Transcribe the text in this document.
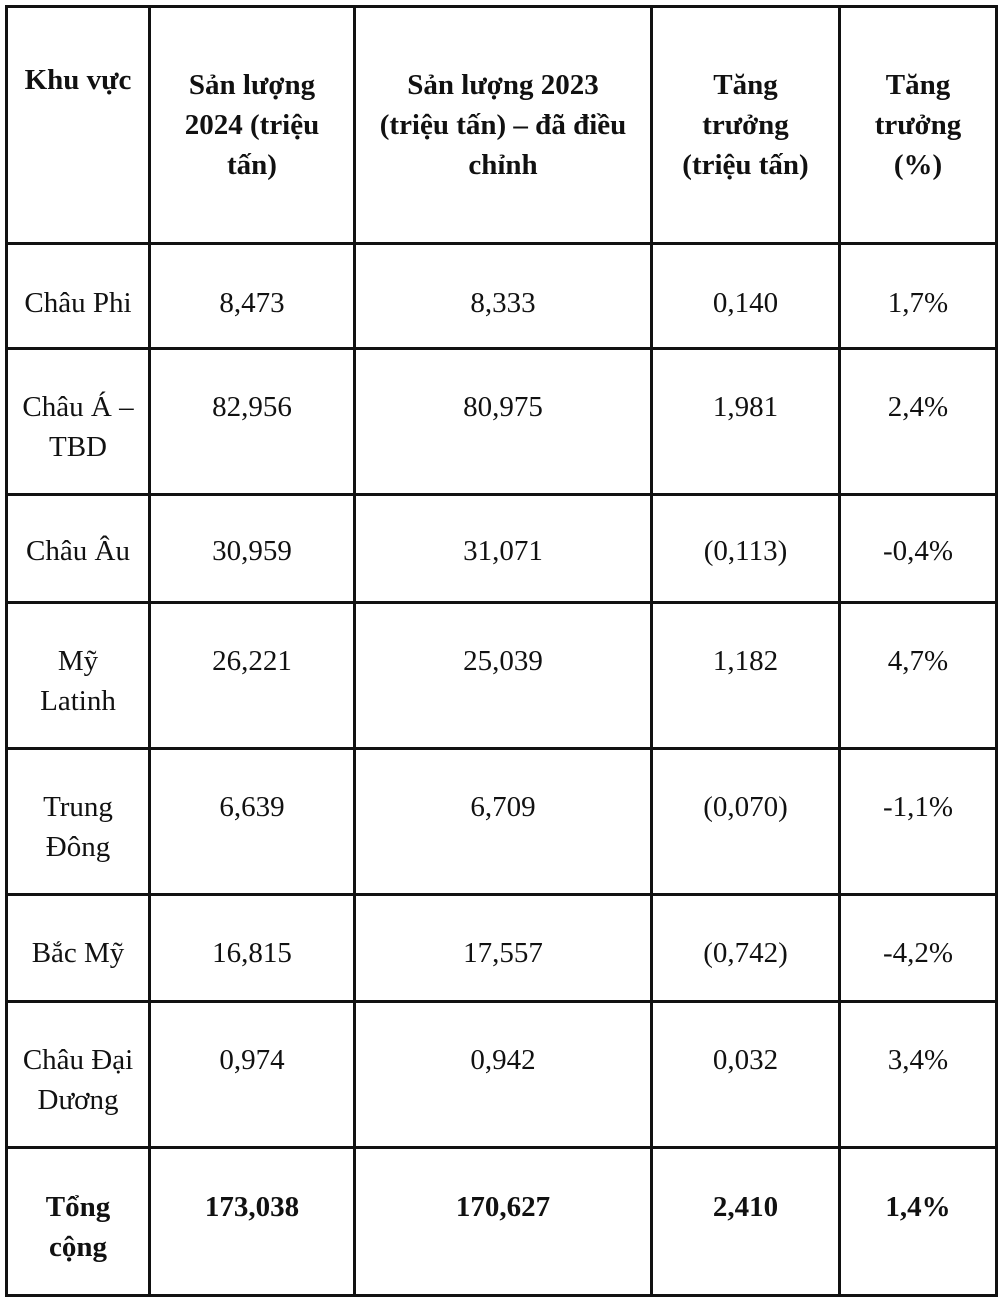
Khu vực	Sản lượng 2024 (triệu tấn)	Sản lượng 2023 (triệu tấn) – đã điều chỉnh	Tăng trưởng (triệu tấn)	Tăng trưởng (%)
Châu Phi	8,473	8,333	0,140	1,7%
Châu Á – TBD	82,956	80,975	1,981	2,4%
Châu Âu	30,959	31,071	(0,113)	-0,4%
Mỹ Latinh	26,221	25,039	1,182	4,7%
Trung Đông	6,639	6,709	(0,070)	-1,1%
Bắc Mỹ	16,815	17,557	(0,742)	-4,2%
Châu Đại Dương	0,974	0,942	0,032	3,4%
Tổng cộng	173,038	170,627	2,410	1,4%
